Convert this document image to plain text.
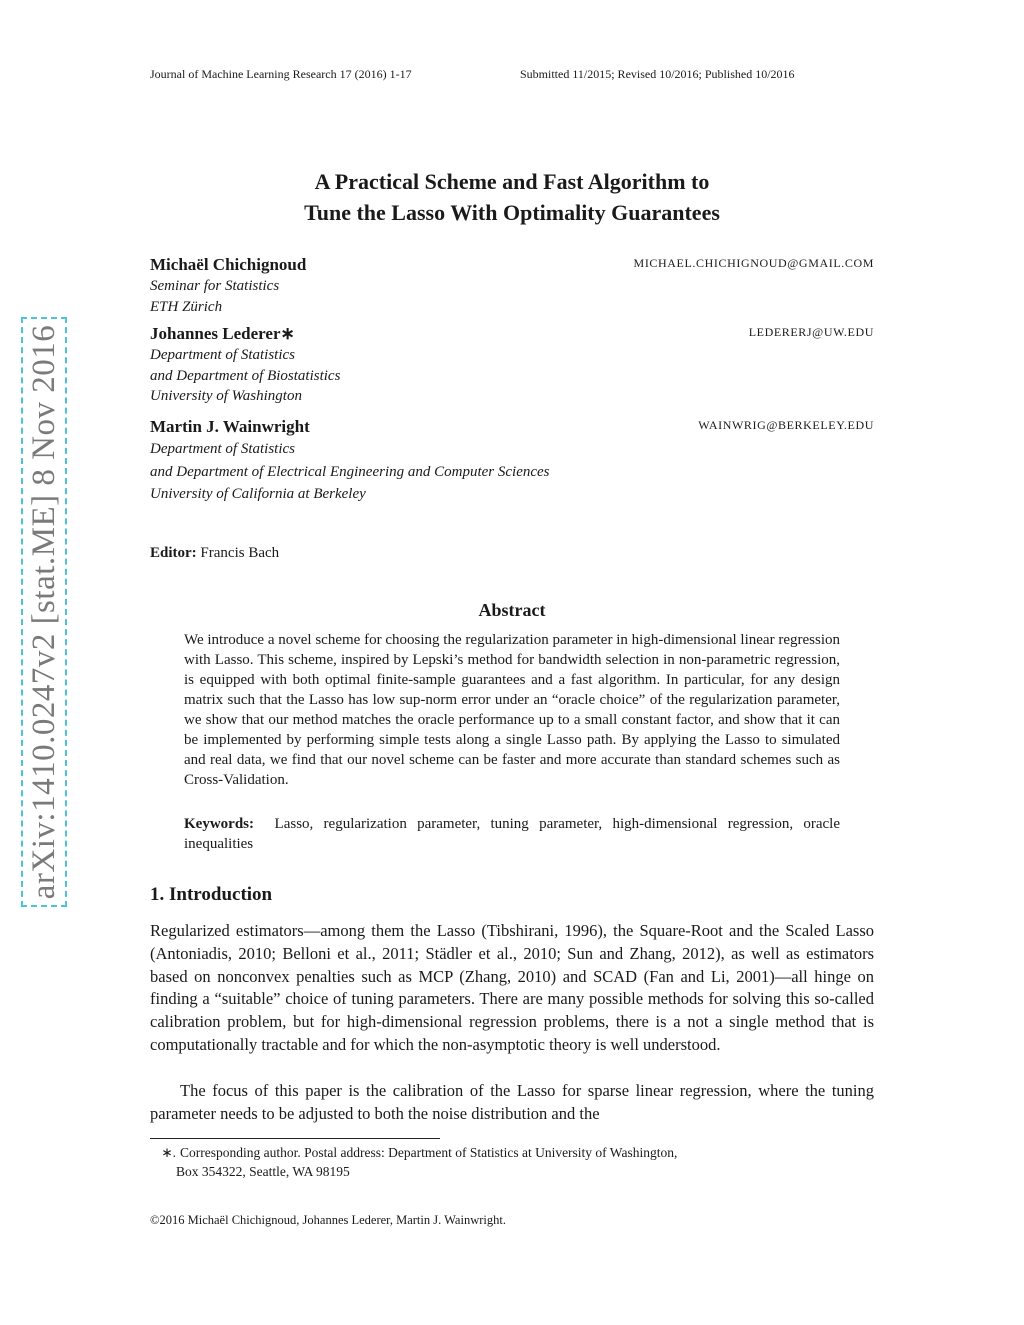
Journal of Machine Learning Research 17 (2016) 1-17	Submitted 11/2015; Revised 10/2016; Published 10/2016
A Practical Scheme and Fast Algorithm to
Tune the Lasso With Optimality Guarantees
Michaël Chichignoud	MICHAEL.CHICHIGNOUD@GMAIL.COM
Seminar for Statistics
ETH Zürich
Johannes Lederer∗	LEDERERJ@UW.EDU
Department of Statistics
and Department of Biostatistics
University of Washington
Martin J. Wainwright	WAINWRIG@BERKELEY.EDU
Department of Statistics
and Department of Electrical Engineering and Computer Sciences
University of California at Berkeley
Editor: Francis Bach
Abstract
We introduce a novel scheme for choosing the regularization parameter in high-dimensional linear regression with Lasso. This scheme, inspired by Lepski’s method for bandwidth selection in non-parametric regression, is equipped with both optimal finite-sample guarantees and a fast algorithm. In particular, for any design matrix such that the Lasso has low sup-norm error under an “oracle choice” of the regularization parameter, we show that our method matches the oracle performance up to a small constant factor, and show that it can be implemented by performing simple tests along a single Lasso path. By applying the Lasso to simulated and real data, we find that our novel scheme can be faster and more accurate than standard schemes such as Cross-Validation.
Keywords: Lasso, regularization parameter, tuning parameter, high-dimensional regression, oracle inequalities
1. Introduction
Regularized estimators—among them the Lasso (Tibshirani, 1996), the Square-Root and the Scaled Lasso (Antoniadis, 2010; Belloni et al., 2011; Städler et al., 2010; Sun and Zhang, 2012), as well as estimators based on nonconvex penalties such as MCP (Zhang, 2010) and SCAD (Fan and Li, 2001)—all hinge on finding a “suitable” choice of tuning parameters. There are many possible methods for solving this so-called calibration problem, but for high-dimensional regression problems, there is a not a single method that is computationally tractable and for which the non-asymptotic theory is well understood.
The focus of this paper is the calibration of the Lasso for sparse linear regression, where the tuning parameter needs to be adjusted to both the noise distribution and the
∗. Corresponding author. Postal address: Department of Statistics at University of Washington,
Box 354322, Seattle, WA 98195
©2016 Michaël Chichignoud, Johannes Lederer, Martin J. Wainwright.
arXiv:1410.0247v2 [stat.ME] 8 Nov 2016
